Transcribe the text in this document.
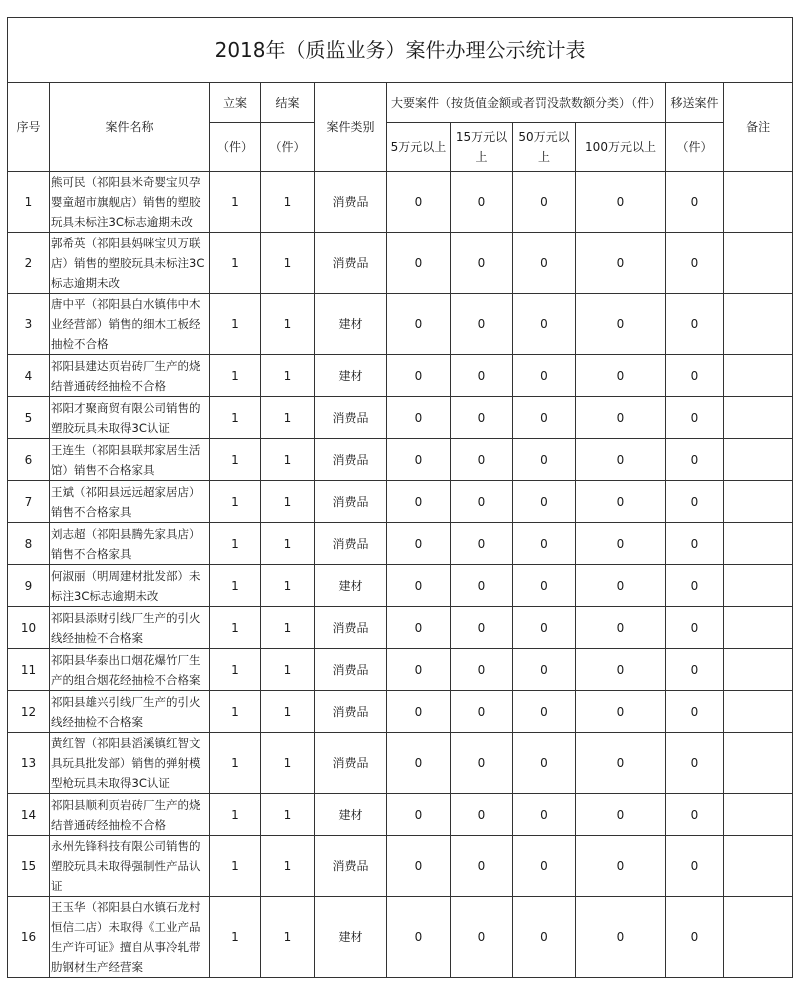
2018年（质监业务）案件办理公示统计表										
序号	案件名称	立案	结案	案件类别	大要案件（按货值金额或者罚没款数额分类）（件）				移送案件	备注
		（件）	（件）		5万元以上	15万元以上	50万元以上	100万元以上	（件）	
1	熊可民（祁阳县米奇婴宝贝孕婴童超市旗舰店）销售的塑胶玩具未标注3C标志逾期未改	1	1	消费品	0	0	0	0	0	
2	郭希英（祁阳县妈咪宝贝万联店）销售的塑胶玩具未标注3C标志逾期未改	1	1	消费品	0	0	0	0	0	
3	唐中平（祁阳县白水镇伟中木业经营部）销售的细木工板经抽检不合格	1	1	建材	0	0	0	0	0	
4	祁阳县建达页岩砖厂生产的烧结普通砖经抽检不合格	1	1	建材	0	0	0	0	0	
5	祁阳才聚商贸有限公司销售的塑胶玩具未取得3C认证	1	1	消费品	0	0	0	0	0	
6	王连生（祁阳县联邦家居生活馆）销售不合格家具	1	1	消费品	0	0	0	0	0	
7	王斌（祁阳县远远超家居店）销售不合格家具	1	1	消费品	0	0	0	0	0	
8	刘志超（祁阳县腾先家具店）销售不合格家具	1	1	消费品	0	0	0	0	0	
9	何淑丽（明周建材批发部）未标注3C标志逾期未改	1	1	建材	0	0	0	0	0	
10	祁阳县添财引线厂生产的引火线经抽检不合格案	1	1	消费品	0	0	0	0	0	
11	祁阳县华泰出口烟花爆竹厂生产的组合烟花经抽检不合格案	1	1	消费品	0	0	0	0	0	
12	祁阳县雄兴引线厂生产的引火线经抽检不合格案	1	1	消费品	0	0	0	0	0	
13	黄红智（祁阳县滔溪镇红智文具玩具批发部）销售的弹射模型枪玩具未取得3C认证	1	1	消费品	0	0	0	0	0	
14	祁阳县顺利页岩砖厂生产的烧结普通砖经抽检不合格	1	1	建材	0	0	0	0	0	
15	永州先锋科技有限公司销售的塑胶玩具未取得强制性产品认证	1	1	消费品	0	0	0	0	0	
16	王玉华（祁阳县白水镇石龙村恒信二店）未取得《工业产品生产许可证》擅自从事冷轧带肋钢材生产经营案	1	1	建材	0	0	0	0	0	
